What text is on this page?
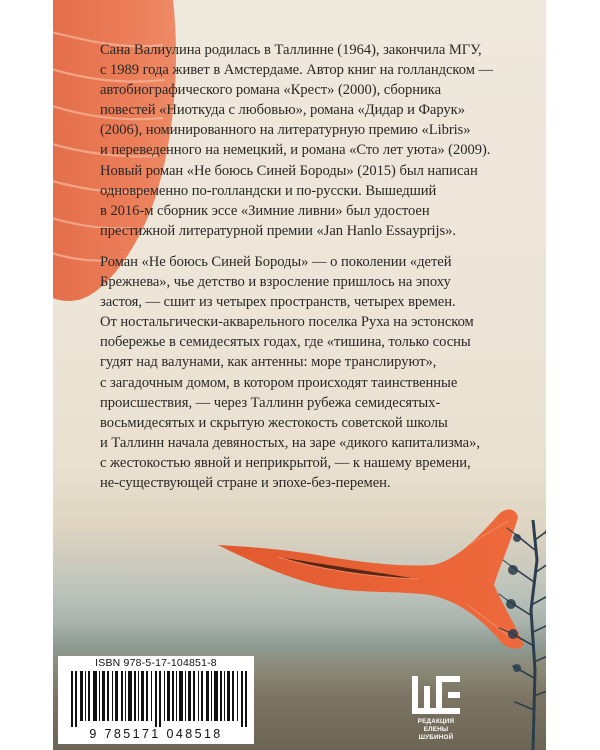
Сана Валиулина родилась в Таллинне (1964), закончила МГУ,
с 1989 года живет в Амстердаме. Автор книг на голландском —
автобиографического романа «Крест» (2000), сборника
повестей «Ниоткуда с любовью», романа «Дидар и Фарук»
(2006), номинированного на литературную премию «Libris»
и переведенного на немецкий, и романа «Сто лет уюта» (2009).
Новый роман «Не боюсь Синей Бороды» (2015) был написан
одновременно по-голландски и по-русски. Вышедший
в 2016-м сборник эссе «Зимние ливни» был удостоен
престижной литературной премии «Jan Hanlo Essayprijs».
Роман «Не боюсь Синей Бороды» — о поколении «детей
Брежнева», чье детство и взросление пришлось на эпоху
застоя, — сшит из четырех пространств, четырех времен.
От ностальгически-акварельного поселка Руха на эстонском
побережье в семидесятых годах, где «тишина, только сосны
гудят над валунами, как антенны: море транслируют»,
с загадочным домом, в котором происходят таинственные
происшествия, — через Таллинн рубежа семидесятых-
восьмидесятых и скрытую жестокость советской школы
и Таллинн начала девяностых, на заре «дикого капитализма»,
с жестокостью явной и неприкрытой, — к нашему времени,
не-существующей стране и эпохе-без-перемен.
ISBN 978-5-17-104851-8
9 785171 048518
РЕДАКЦИЯ
ЕЛЕНЫ ШУБИНОЙ
